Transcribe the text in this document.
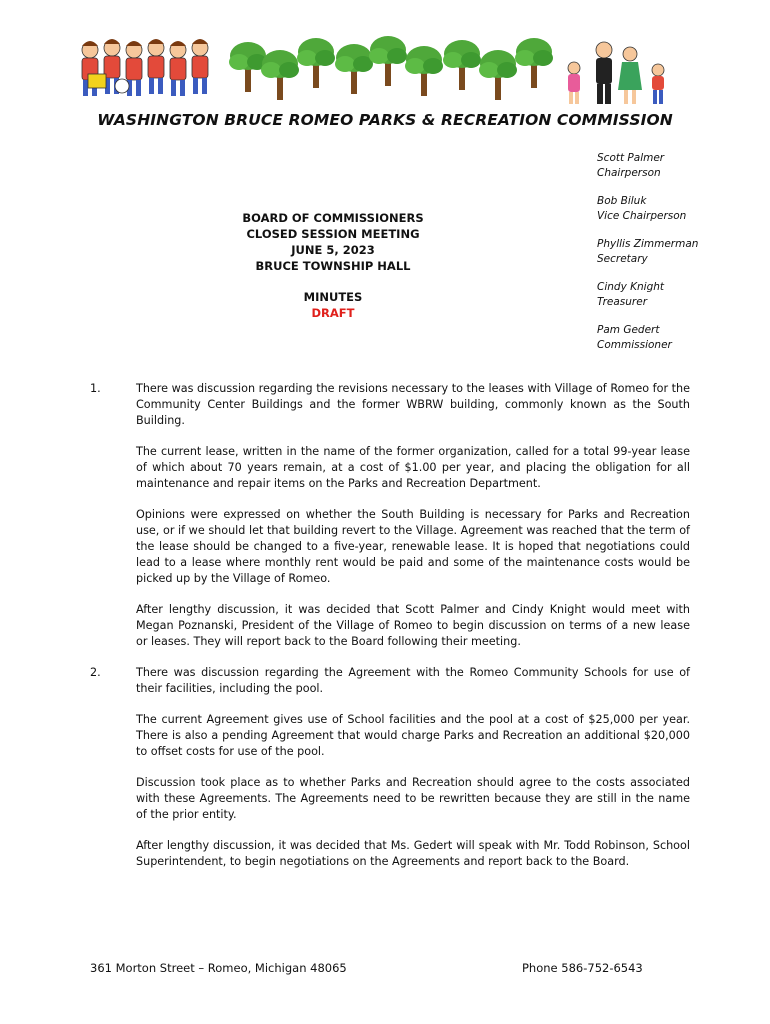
WASHINGTON BRUCE ROMEO PARKS & RECREATION COMMISSION
Scott Palmer
Chairperson
Bob Biluk
Vice Chairperson
Phyllis Zimmerman
Secretary
Cindy Knight
Treasurer
Pam Gedert
Commissioner
BOARD OF COMMISSIONERS
CLOSED SESSION MEETING
JUNE 5, 2023
BRUCE TOWNSHIP HALL
MINUTES
DRAFT
1.	There was discussion regarding the revisions necessary to the leases with Village of Romeo for the Community Center Buildings and the former WBRW building, commonly known as the South Building.

The current lease, written in the name of the former organization, called for a total 99-year lease of which about 70 years remain, at a cost of $1.00 per year, and placing the obligation for all maintenance and repair items on the Parks and Recreation Department.

Opinions were expressed on whether the South Building is necessary for Parks and Recreation use, or if we should let that building revert to the Village. Agreement was reached that the term of the lease should be changed to a five-year, renewable lease. It is hoped that negotiations could lead to a lease where monthly rent would be paid and some of the maintenance costs would be picked up by the Village of Romeo.

After lengthy discussion, it was decided that Scott Palmer and Cindy Knight would meet with Megan Poznanski, President of the Village of Romeo to begin discussion on terms of a new lease or leases. They will report back to the Board following their meeting.

2.	There was discussion regarding the Agreement with the Romeo Community Schools for use of their facilities, including the pool.

The current Agreement gives use of School facilities and the pool at a cost of $25,000 per year. There is also a pending Agreement that would charge Parks and Recreation an additional $20,000 to offset costs for use of the pool.

Discussion took place as to whether Parks and Recreation should agree to the costs associated with these Agreements. The Agreements need to be rewritten because they are still in the name of the prior entity.

After lengthy discussion, it was decided that Ms. Gedert will speak with Mr. Todd Robinson, School Superintendent, to begin negotiations on the Agreements and report back to the Board.

361 Morton Street – Romeo, Michigan 48065	Phone 586-752-6543
